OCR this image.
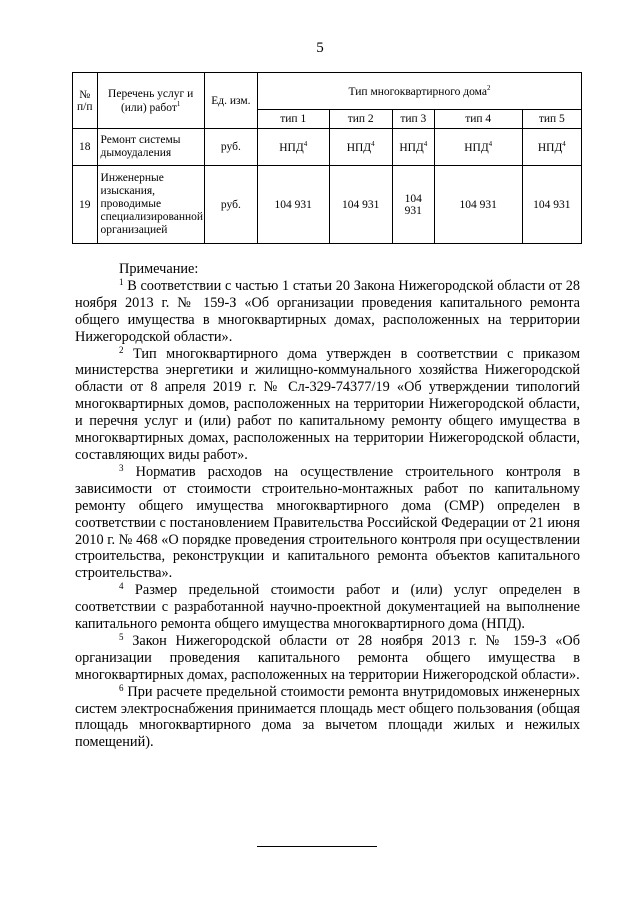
5
№ п/п	Перечень услуг и (или) работ$^1$	Ед. изм.	Тип многоквартирного дома$^2$
			тип 1	тип 2	тип 3	тип 4	тип 5
18	Ремонт системы дымоудаления	руб.	НПД$^4$	НПД$^4$	НПД$^4$	НПД$^4$	НПД$^4$
19	Инженерные изыскания, проводимые специализированной организацией	руб.	104 931	104 931	104 931	104 931	104 931

Примечание:

$^1$ В соответствии с частью 1 статьи 20 Закона Нижегородской области от 28 ноября 2013 г. № 159-З «Об организации проведения капитального ремонта общего имущества в многоквартирных домах, расположенных на территории Нижегородской области».

$^2$ Тип многоквартирного дома утвержден в соответствии с приказом министерства энергетики и жилищно-коммунального хозяйства Нижегородской области от 8 апреля 2019 г. № Сл-329-74377/19 «Об утверждении типологий многоквартирных домов, расположенных на территории Нижегородской области, и перечня услуг и (или) работ по капитальному ремонту общего имущества в многоквартирных домах, расположенных на территории Нижегородской области, составляющих виды работ».

$^3$ Норматив расходов на осуществление строительного контроля в зависимости от стоимости строительно-монтажных работ по капитальному ремонту общего имущества многоквартирного дома (СМР) определен в соответствии с постановлением Правительства Российской Федерации от 21 июня 2010 г. № 468 «О порядке проведения строительного контроля при осуществлении строительства, реконструкции и капитального ремонта объектов капитального строительства».

$^4$ Размер предельной стоимости работ и (или) услуг определен в соответствии с разработанной научно-проектной документацией на выполнение капитального ремонта общего имущества многоквартирного дома (НПД).

$^5$ Закон Нижегородской области от 28 ноября 2013 г. № 159-З «Об организации проведения капитального ремонта общего имущества в многоквартирных домах, расположенных на территории Нижегородской области».

$^6$ При расчете предельной стоимости ремонта внутридомовых инженерных систем электроснабжения принимается площадь мест общего пользования (общая площадь многоквартирного дома за вычетом площади жилых и нежилых помещений).
